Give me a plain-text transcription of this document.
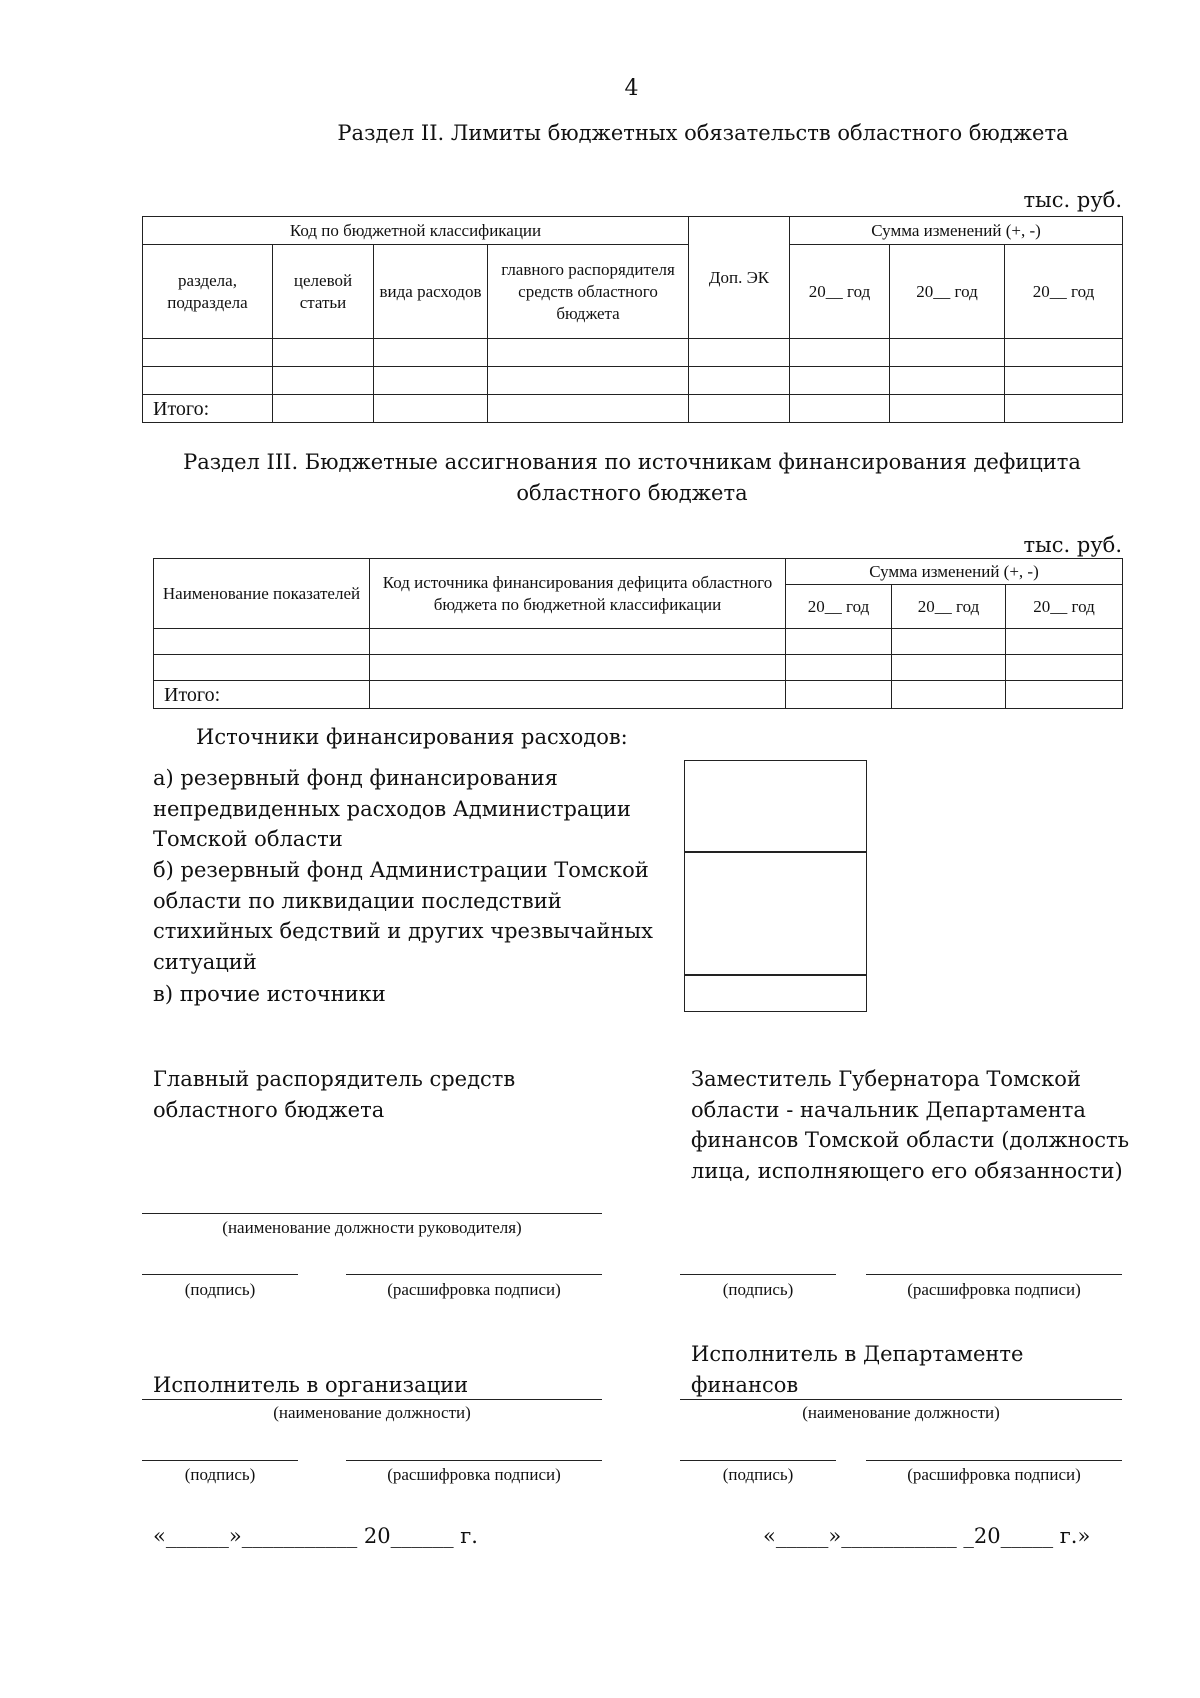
4
Раздел II. Лимиты бюджетных обязательств областного бюджета
тыс. руб.
Код по бюджетной классификации				Доп. ЭК	Сумма изменений (+, -)		
раздела, подраздела	целевой статьи	вида расходов	главного распорядителя средств областного бюджета		20__ год	20__ год	20__ год

Итого:							
Раздел III. Бюджетные ассигнования по источникам финансирования дефицита
областного бюджета
тыс. руб.
Наименование показателей	Код источника финансирования дефицита областного бюджета по бюджетной классификации	Сумма изменений (+, -)		
		20__ год	20__ год	20__ год

Итого:				
Источники финансирования расходов:
а) резервный фонд финансирования непредвиденных расходов Администрации Томской области
б) резервный фонд Администрации Томской области по ликвидации последствий стихийных бедствий и других чрезвычайных ситуаций
в) прочие источники
Главный распорядитель средств областного бюджета
(наименование должности руководителя)
(подпись)	(расшифровка подписи)
Заместитель Губернатора Томской области - начальник Департамента финансов Томской области (должность лица, исполняющего его обязанности)
(подпись)	(расшифровка подписи)
Исполнитель в организации
(наименование должности)
Исполнитель в Департаменте финансов
(наименование должности)
(подпись)	(расшифровка подписи)	(подпись)	(расшифровка подписи)
«______»___________ 20______ г.	«_____»___________ _20_____ г.»
